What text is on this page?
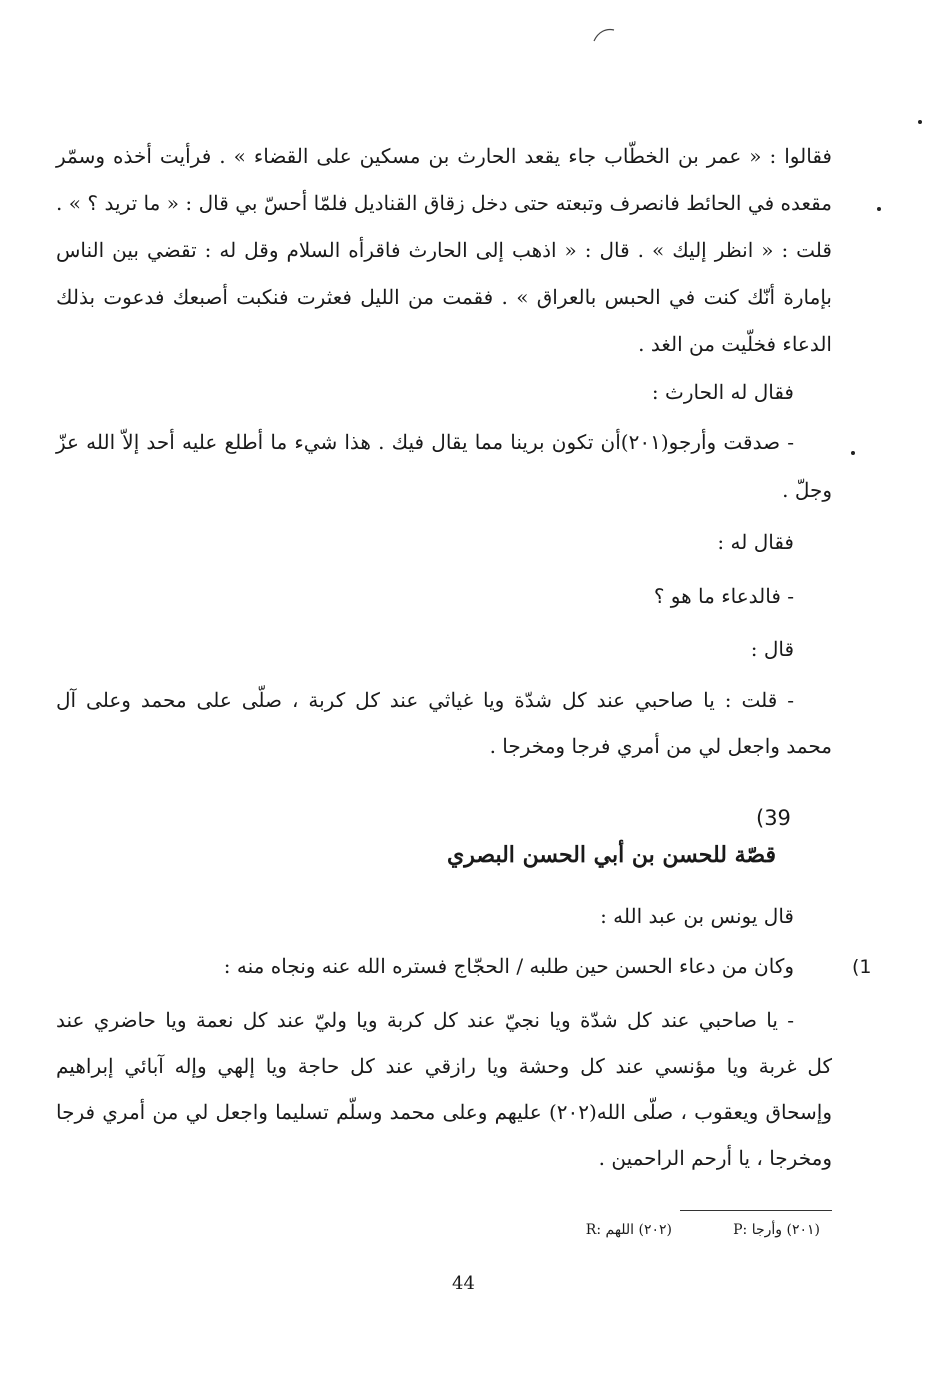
فقالوا : « عمر بن الخطّاب جاء يقعد الحارث بن مسكين على القضاء » . فرأيت أخذه وسمّر
مقعده في الحائط فانصرف وتبعته حتى دخل زقاق القناديل فلمّا أحسّ بي قال : « ما تريد ؟ » .
قلت : « انظر إليك » . قال : « اذهب إلى الحارث فاقرأه السلام وقل له : تقضي بين الناس
بإمارة أنّك كنت في الحبس بالعراق » . فقمت من الليل فعثرت فنكبت أصبعك فدعوت بذلك
الدعاء فخلّيت من الغد .
فقال له الحارث :
- صدقت وأرجو(٢٠١)أن تكون برينا مما يقال فيك . هذا شيء ما أطلع عليه أحد إلاّ الله عزّ
وجلّ .
فقال له :
- فالدعاء ما هو ؟
قال :
- قلت : يا صاحبي عند كل شدّة ويا غياثي عند كل كربة ، صلّى على محمد وعلى آل
محمد واجعل لي من أمري فرجا ومخرجا .
(39
قصّة للحسن بن أبي الحسن البصري
قال يونس بن عبد الله :
(1
وكان من دعاء الحسن حين طلبه / الحجّاج فستره الله عنه ونجاه منه :
- يا صاحبي عند كل شدّة ويا نجيّ عند كل كربة ويا وليّ عند كل نعمة ويا حاضري عند
كل غربة ويا مؤنسي عند كل وحشة ويا رازقي عند كل حاجة ويا إلهي وإله آبائي إبراهيم
وإسحاق ويعقوب ، صلّى الله(٢٠٢) عليهم وعلى محمد وسلّم تسليما واجعل لي من أمري فرجا
ومخرجا ، يا أرحم الراحمين .
(٢٠١) وأرجا :P
(٢٠٢) اللهم :R
44
